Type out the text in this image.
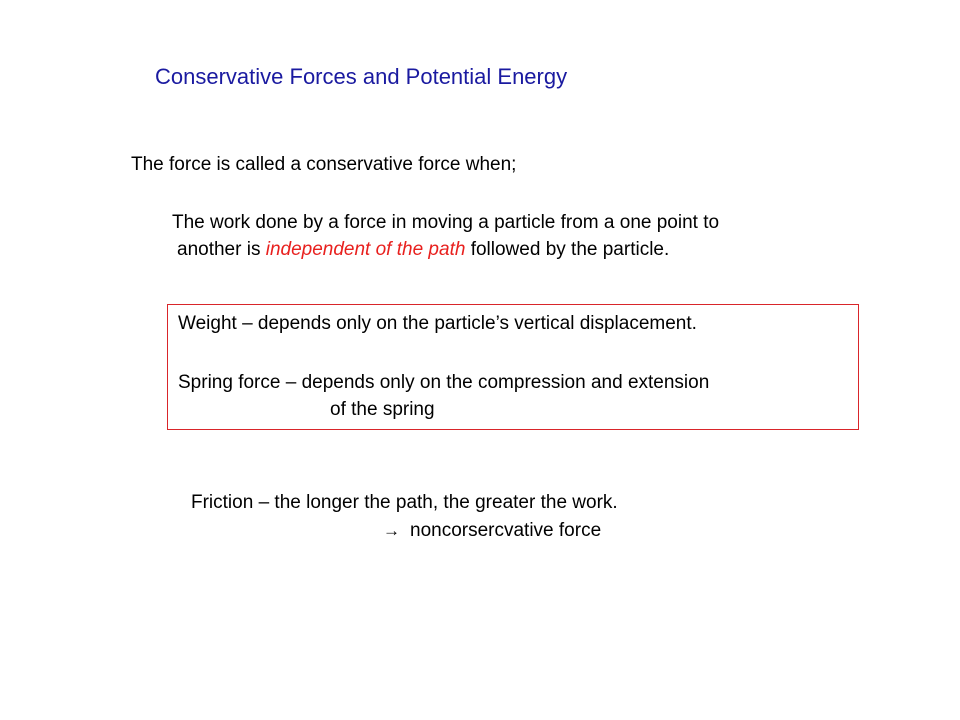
Conservative Forces and Potential Energy
The force is called a conservative force when;
The work done by a force in moving a particle from a one point to
another is independent of the path followed by the particle.
Weight – depends only on the particle’s vertical displacement.
Spring force – depends only on the compression and extension
of the spring
Friction – the longer the path, the greater the work.
→ noncorsercvative force
